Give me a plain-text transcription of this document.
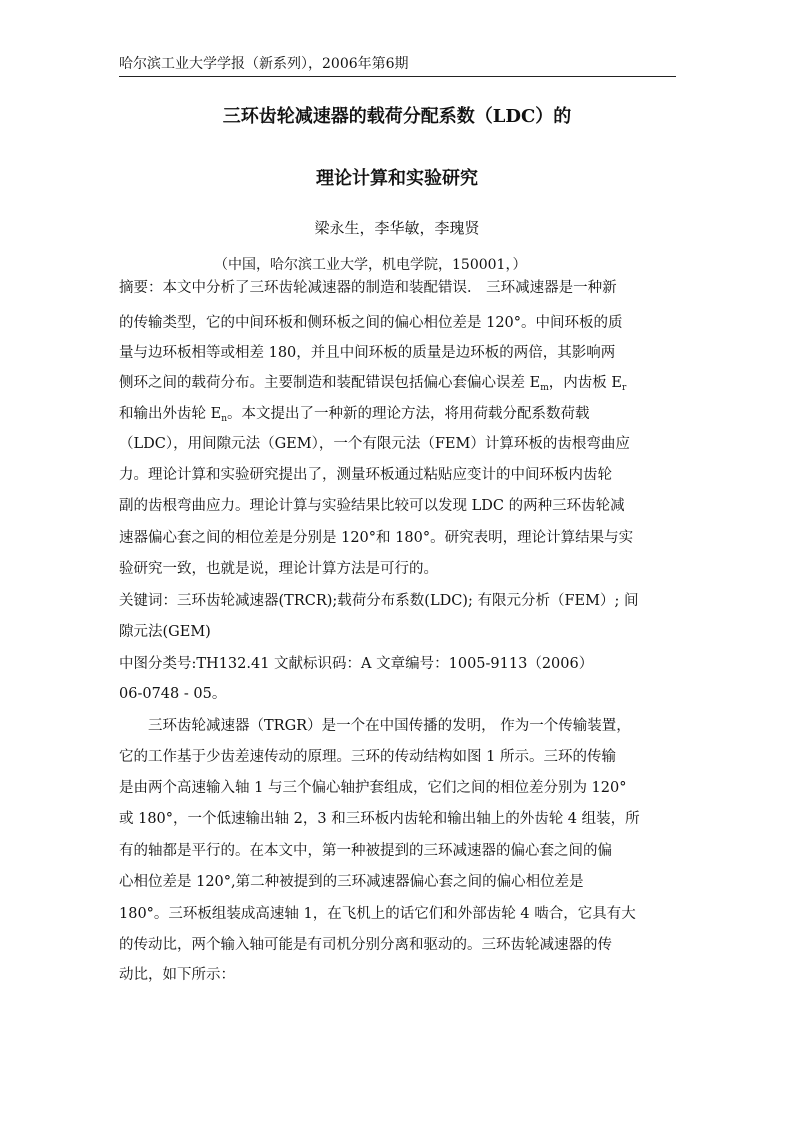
哈尔滨工业大学学报（新系列），2006年第6期
三环齿轮减速器的载荷分配系数（LDC）的
理论计算和实验研究
梁永生，李华敏，李瑰贤
（中国，哈尔滨工业大学，机电学院，150001，）
摘要：本文中分析了三环齿轮减速器的制造和装配错误． 三环减速器是一种新
的传输类型，它的中间环板和侧环板之间的偏心相位差是 120°。中间环板的质
量与边环板相等或相差 180，并且中间环板的质量是边环板的两倍，其影响两
侧环之间的载荷分布。主要制造和装配错误包括偏心套偏心误差 $E_m$，内齿板 $E_r$
和输出外齿轮 $E_n$。本文提出了一种新的理论方法，将用荷载分配系数荷载
（LDC），用间隙元法（GEM），一个有限元法（FEM）计算环板的齿根弯曲应
力。理论计算和实验研究提出了，测量环板通过粘贴应变计的中间环板内齿轮
副的齿根弯曲应力。理论计算与实验结果比较可以发现 LDC 的两种三环齿轮减
速器偏心套之间的相位差是分别是 120°和 180°。研究表明，理论计算结果与实
验研究一致，也就是说，理论计算方法是可行的。
关键词：三环齿轮减速器(TRCR);载荷分布系数(LDC); 有限元分析（FEM）; 间
隙元法(GEM)
中图分类号:TH132.41 文献标识码：A 文章编号：1005-9113（2006）
06-0748 - 05。
三环齿轮减速器（TRGR）是一个在中国传播的发明， 作为一个传输装置，
它的工作基于少齿差速传动的原理。三环的传动结构如图 1 所示。三环的传输
是由两个高速输入轴 1 与三个偏心轴护套组成，它们之间的相位差分别为 120°
或 180°，一个低速输出轴 2，3 和三环板内齿轮和输出轴上的外齿轮 4 组装，所
有的轴都是平行的。在本文中，第一种被提到的三环减速器的偏心套之间的偏
心相位差是 120°,第二种被提到的三环减速器偏心套之间的偏心相位差是
180°。三环板组装成高速轴 1，在飞机上的话它们和外部齿轮 4 啮合，它具有大
的传动比，两个输入轴可能是有司机分别分离和驱动的。三环齿轮减速器的传
动比，如下所示：
